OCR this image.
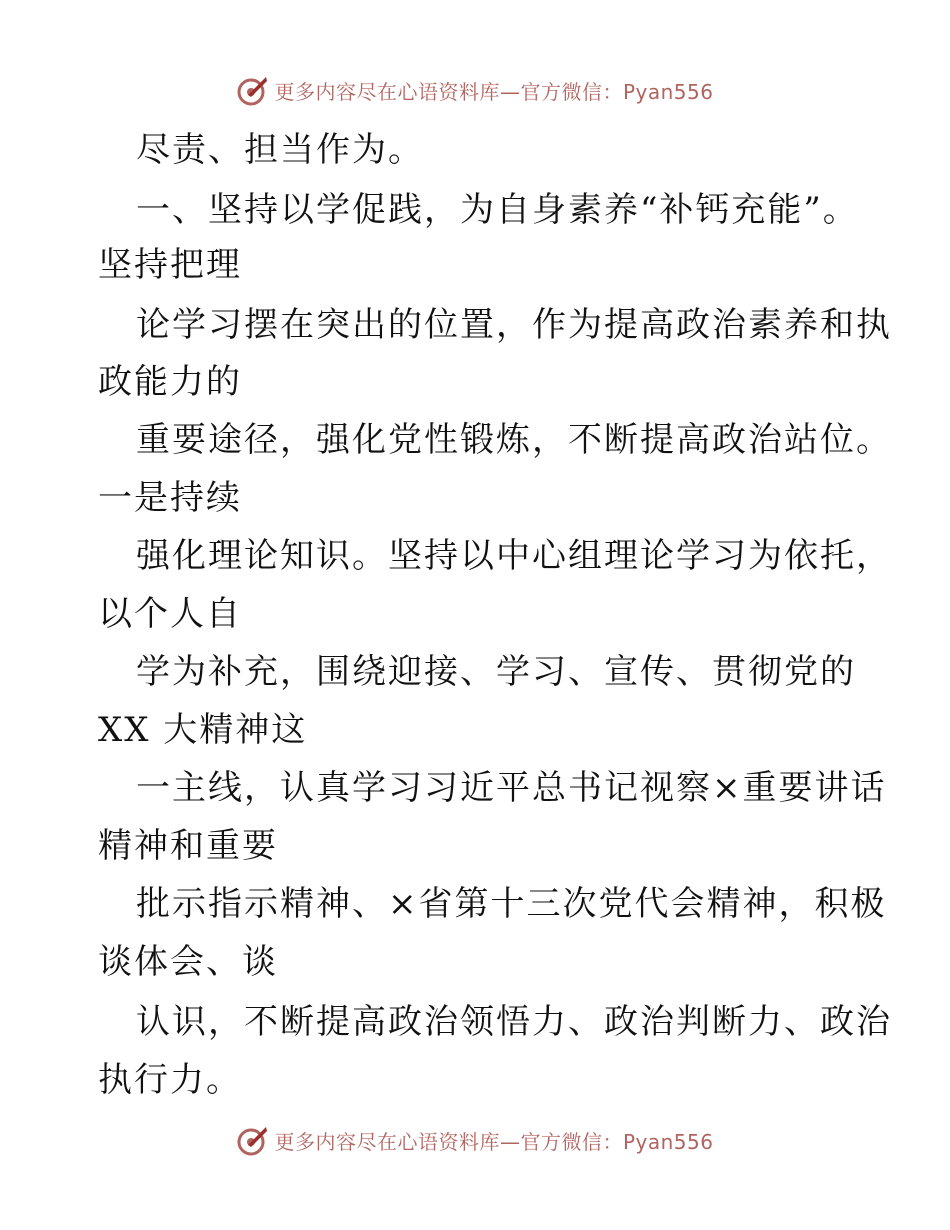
更多内容尽在心语资料库—官方微信：Pyan556
尽责、担当作为。
一、坚持以学促践，为自身素养“补钙充能”。
坚持把理
论学习摆在突出的位置，作为提高政治素养和执
政能力的
重要途径，强化党性锻炼，不断提高政治站位。
一是持续
强化理论知识。坚持以中心组理论学习为依托，
以个人自
学为补充，围绕迎接、学习、宣传、贯彻党的
XX 大精神这
一主线，认真学习习近平总书记视察×重要讲话
精神和重要
批示指示精神、×省第十三次党代会精神，积极
谈体会、谈
认识，不断提高政治领悟力、政治判断力、政治
执行力。
更多内容尽在心语资料库—官方微信：Pyan556
